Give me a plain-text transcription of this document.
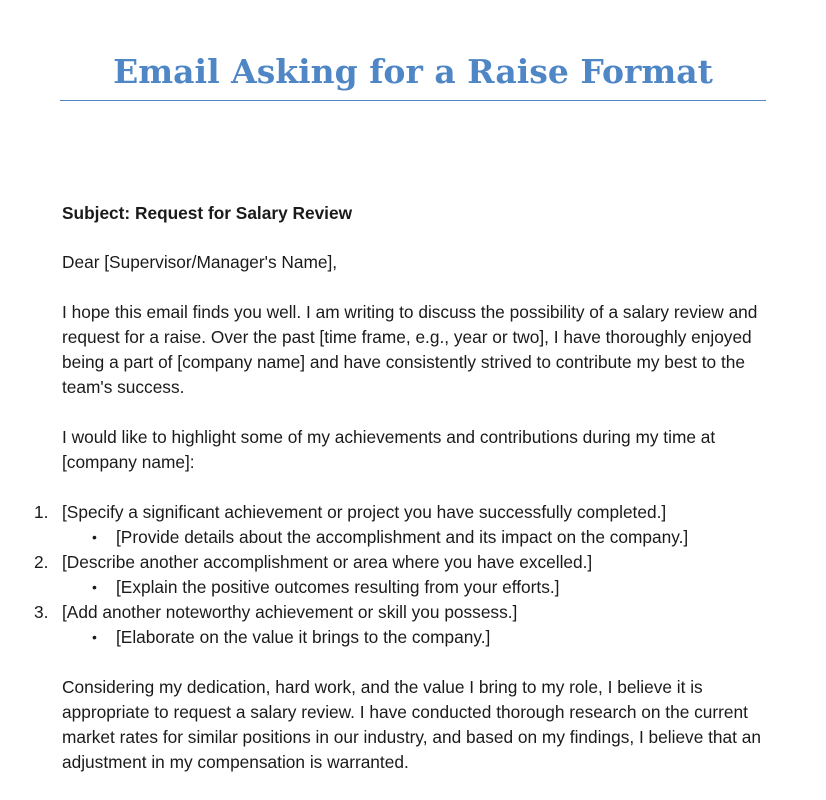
Email Asking for a Raise Format

Subject: Request for Salary Review

Dear [Supervisor/Manager's Name],

I hope this email finds you well. I am writing to discuss the possibility of a salary review and request for a raise. Over the past [time frame, e.g., year or two], I have thoroughly enjoyed being a part of [company name] and have consistently strived to contribute my best to the team's success.

I would like to highlight some of my achievements and contributions during my time at [company name]:

1. [Specify a significant achievement or project you have successfully completed.]
• [Provide details about the accomplishment and its impact on the company.]
2. [Describe another accomplishment or area where you have excelled.]
• [Explain the positive outcomes resulting from your efforts.]
3. [Add another noteworthy achievement or skill you possess.]
• [Elaborate on the value it brings to the company.]

Considering my dedication, hard work, and the value I bring to my role, I believe it is appropriate to request a salary review. I have conducted thorough research on the current market rates for similar positions in our industry, and based on my findings, I believe that an adjustment in my compensation is warranted.
